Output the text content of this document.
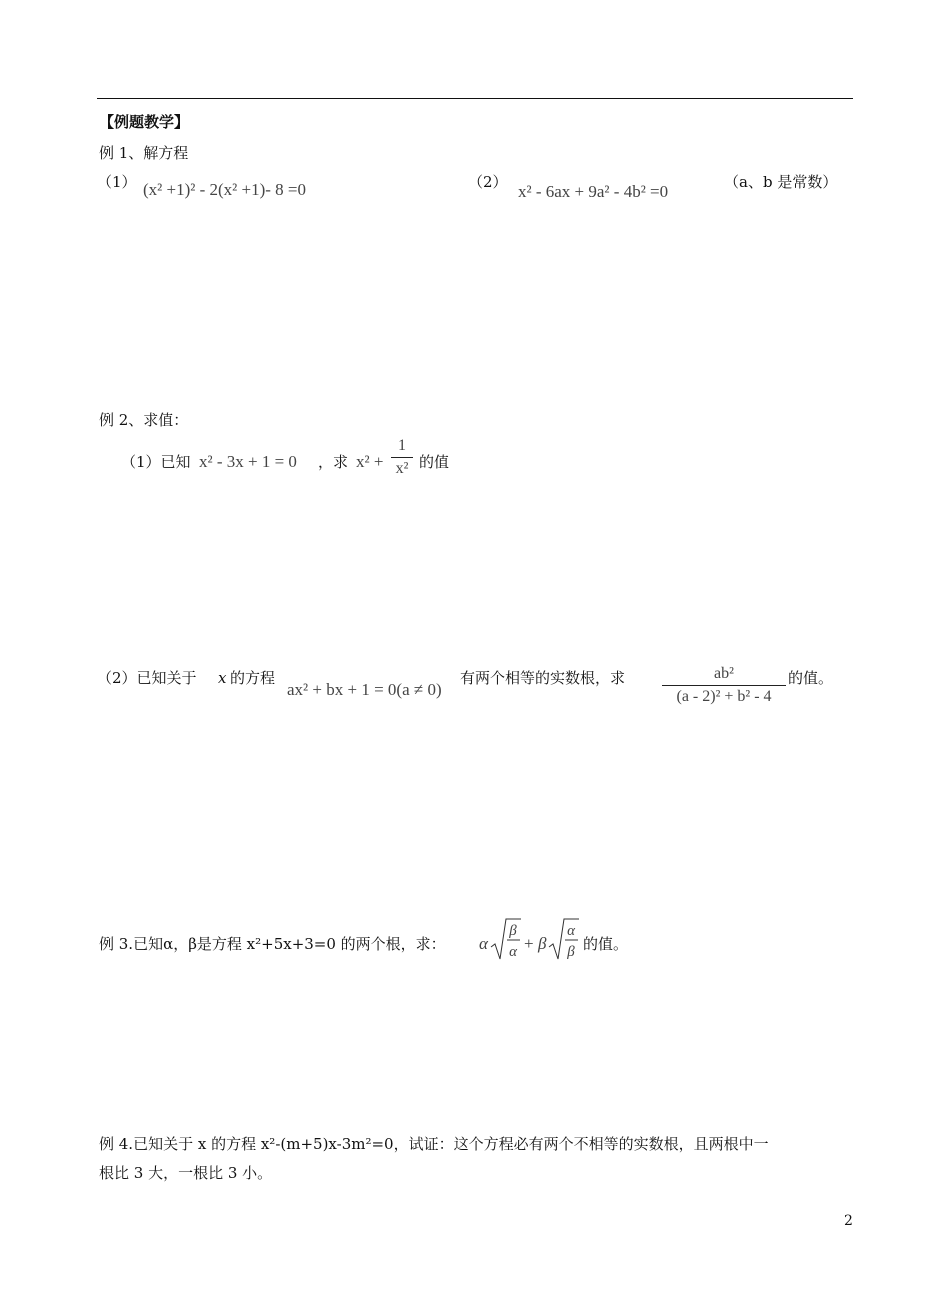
【例题教学】
例 1、解方程
（1） (x² +1)² - 2(x² +1)- 8 =0	（2） x² - 6ax + 9a² - 4b² =0	（a、b 是常数）
例 2、求值：
（1）已知 x² - 3x + 1 = 0 ，求 x² +
1
x² 的值
（2）已知关于 x 的方程
ax² + bx + 1 = 0(a ≠ 0)
有两个相等的实数根，求	ab²
(a - 2)² + b² - 4
的值。
例 3.已知α，β是方程 x²+5x+3=0 的两个根，求： α
β
α + β
α
β 的值。
例 4.已知关于 x 的方程 x²-(m+5)x-3m²=0，试证：这个方程必有两个不相等的实数根，且两根中一
根比 3 大，一根比 3 小。
2
